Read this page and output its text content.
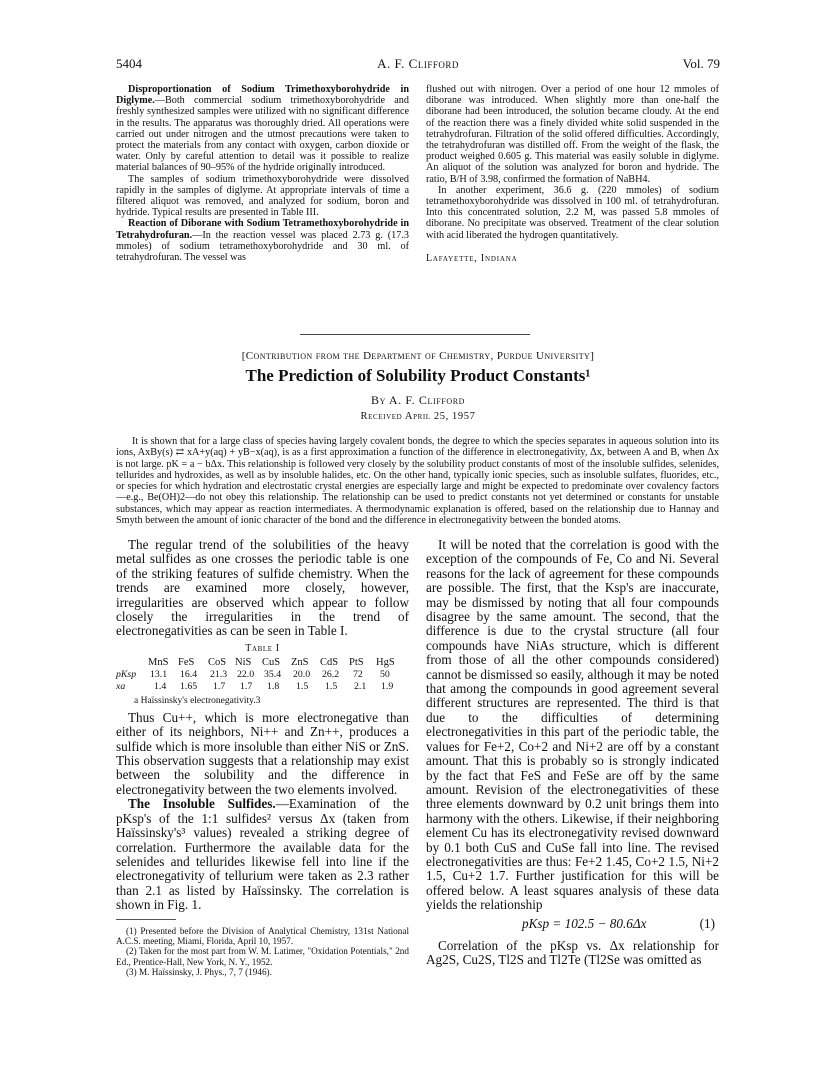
5404	A. F. Clifford	Vol. 79

Disproportionation of Sodium Trimethoxyborohydride in Diglyme.—Both commercial sodium trimethoxyborohydride and freshly synthesized samples were utilized with no significant difference in the results. The apparatus was thoroughly dried. All operations were carried out under nitrogen and the utmost precautions were taken to protect the materials from any contact with oxygen, carbon dioxide or water. Only by careful attention to detail was it possible to realize material balances of 90–95% of the hydride originally introduced.

The samples of sodium trimethoxyborohydride were dissolved rapidly in the samples of diglyme. At appropriate intervals of time a filtered aliquot was removed, and analyzed for sodium, boron and hydride. Typical results are presented in Table III.

Reaction of Diborane with Sodium Tetramethoxyborohydride in Tetrahydrofuran.—In the reaction vessel was placed 2.73 g. (17.3 mmoles) of sodium tetramethoxyborohydride and 30 ml. of tetrahydrofuran. The vessel was

flushed out with nitrogen. Over a period of one hour 12 mmoles of diborane was introduced. When slightly more than one-half the diborane had been introduced, the solution became cloudy. At the end of the reaction there was a finely divided white solid suspended in the tetrahydrofuran. Filtration of the solid offered difficulties. Accordingly, the tetrahydrofuran was distilled off. From the weight of the flask, the product weighed 0.605 g. This material was easily soluble in diglyme. An aliquot of the solution was analyzed for boron and hydride. The ratio, B/H of 3.98, confirmed the formation of NaBH4.

In another experiment, 36.6 g. (220 mmoles) of sodium tetramethoxyborohydride was dissolved in 100 ml. of tetrahydrofuran. Into this concentrated solution, 2.2 M, was passed 5.8 mmoles of diborane. No precipitate was observed. Treatment of the clear solution with acid liberated the hydrogen quantitatively.

Lafayette, Indiana

[Contribution from the Department of Chemistry, Purdue University]
The Prediction of Solubility Product Constants¹
By A. F. Clifford
Received April 25, 1957
It is shown that for a large class of species having largely covalent bonds, the degree to which the species separates in aqueous solution into its ions, AxBy(s) ⇄ xA+y(aq) + yB−x(aq), is as a first approximation a function of the difference in electronegativity, Δx, between A and B, when Δx is not large. pK = a − bΔx. This relationship is followed very closely by the solubility product constants of most of the insoluble sulfides, selenides, tellurides and hydroxides, as well as by insoluble halides, etc. On the other hand, typically ionic species, such as insoluble sulfates, fluorides, etc., or species for which hydration and electrostatic crystal energies are especially large and might be expected to predominate over covalency factors—e.g., Be(OH)2—do not obey this relationship. The relationship can be used to predict constants not yet determined or constants for unstable substances, which may appear as reaction intermediates. A thermodynamic explanation is offered, based on the relationship due to Hannay and Smyth between the amount of ionic character of the bond and the difference in electronegativity between the bonded atoms.

The regular trend of the solubilities of the heavy metal sulfides as one crosses the periodic table is one of the striking features of sulfide chemistry. When the trends are examined more closely, however, irregularities are observed which appear to follow closely the irregularities in the trend of electronegativities as can be seen in Table I.

Table I
MnS FeS CoS NiS CuS ZnS CdS PtS HgS
pKsp 13.1 16.4 21.3 22.0 35.4 20.0 26.2 72 50
xa	1.4 1.65 1.7 1.7 1.8 1.5 1.5 2.1 1.9
a Haïssinsky's electronegativity.3

Thus Cu++, which is more electronegative than either of its neighbors, Ni++ and Zn++, produces a sulfide which is more insoluble than either NiS or ZnS. This observation suggests that a relationship may exist between the solubility and the difference in electronegativity between the two elements involved.

The Insoluble Sulfides.—Examination of the pKsp's of the 1:1 sulfides² versus Δx (taken from Haïssinsky's³ values) revealed a striking degree of correlation. Furthermore the available data for the selenides and tellurides likewise fell into line if the electronegativity of tellurium were taken as 2.3 rather than 2.1 as listed by Haïssinsky. The correlation is shown in Fig. 1.

(1) Presented before the Division of Analytical Chemistry, 131st National A.C.S. meeting, Miami, Florida, April 10, 1957.

(2) Taken for the most part from W. M. Latimer, "Oxidation Potentials," 2nd Ed., Prentice-Hall, New York, N. Y., 1952.

(3) M. Haïssinsky, J. Phys., 7, 7 (1946).

It will be noted that the correlation is good with the exception of the compounds of Fe, Co and Ni. Several reasons for the lack of agreement for these compounds are possible. The first, that the Ksp's are inaccurate, may be dismissed by noting that all four compounds disagree by the same amount. The second, that the difference is due to the crystal structure (all four compounds have NiAs structure, which is different from those of all the other compounds considered) cannot be dismissed so easily, although it may be noted that among the compounds in good agreement several different structures are represented. The third is that due to the difficulties of determining electronegativities in this part of the periodic table, the values for Fe+2, Co+2 and Ni+2 are off by a constant amount. That this is probably so is strongly indicated by the fact that FeS and FeSe are off by the same amount. Revision of the electronegativities of these three elements downward by 0.2 unit brings them into harmony with the others. Likewise, if their neighboring element Cu has its electronegativity revised downward by 0.1 both CuS and CuSe fall into line. The revised electronegativities are thus: Fe+2 1.45, Co+2 1.5, Ni+2 1.5, Cu+2 1.7. Further justification for this will be offered below. A least squares analysis of these data yields the relationship

pKsp = 102.5 − 80.6Δx	(1)

Correlation of the pKsp vs. Δx relationship for Ag2S, Cu2S, Tl2S and Tl2Te (Tl2Se was omitted as
